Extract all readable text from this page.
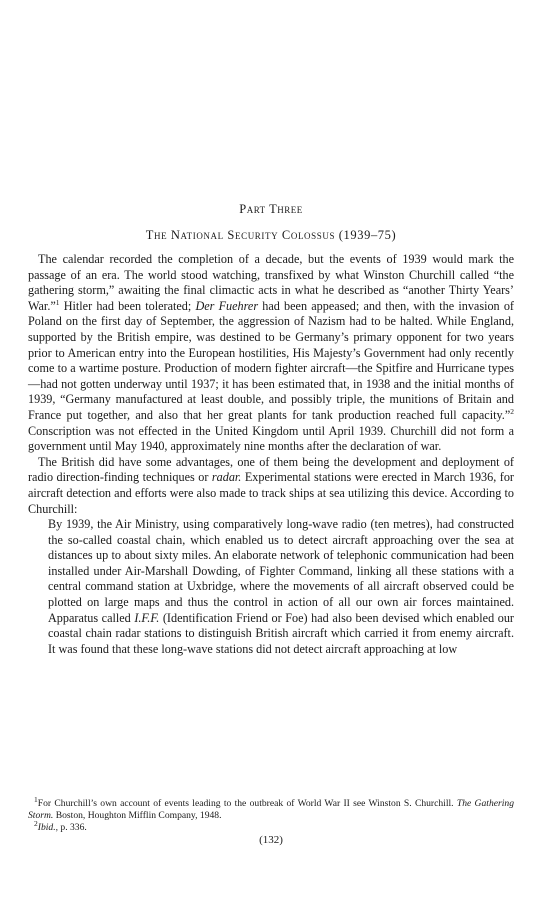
Part Three
The National Security Colossus (1939–75)

The calendar recorded the completion of a decade, but the events of 1939 would mark the passage of an era. The world stood watching, transfixed by what Winston Churchill called “the gathering storm,” awaiting the final climactic acts in what he described as “another Thirty Years’ War.”$^1$ Hitler had been tolerated; Der Fuehrer had been appeased; and then, with the invasion of Poland on the first day of September, the aggression of Nazism had to be halted. While England, supported by the British empire, was destined to be Germany’s primary opponent for two years prior to American entry into the European hostilities, His Majesty’s Government had only recently come to a wartime posture. Production of modern fighter aircraft—the Spitfire and Hurricane types—had not gotten underway until 1937; it has been estimated that, in 1938 and the initial months of 1939, “Germany manufactured at least double, and possibly triple, the munitions of Britain and France put together, and also that her great plants for tank production reached full capacity.”$^2$ Conscription was not effected in the United Kingdom until April 1939. Churchill did not form a government until May 1940, approximately nine months after the declaration of war.

The British did have some advantages, one of them being the development and deployment of radio direction-finding techniques or radar. Experimental stations were erected in March 1936, for aircraft detection and efforts were also made to track ships at sea utilizing this device. According to Churchill:

By 1939, the Air Ministry, using comparatively long-wave radio (ten metres), had constructed the so-called coastal chain, which enabled us to detect aircraft approaching over the sea at distances up to about sixty miles. An elaborate network of telephonic communication had been installed under Air-Marshall Dowding, of Fighter Command, linking all these stations with a central command station at Uxbridge, where the movements of all aircraft observed could be plotted on large maps and thus the control in action of all our own air forces maintained. Apparatus called I.F.F. (Identification Friend or Foe) had also been devised which enabled our coastal chain radar stations to distinguish British aircraft which carried it from enemy aircraft. It was found that these long-wave stations did not detect aircraft approaching at low

$^1$For Churchill’s own account of events leading to the outbreak of World War II see Winston S. Churchill. The Gathering Storm. Boston, Houghton Mifflin Company, 1948.

$^2$Ibid., p. 336.

(132)
